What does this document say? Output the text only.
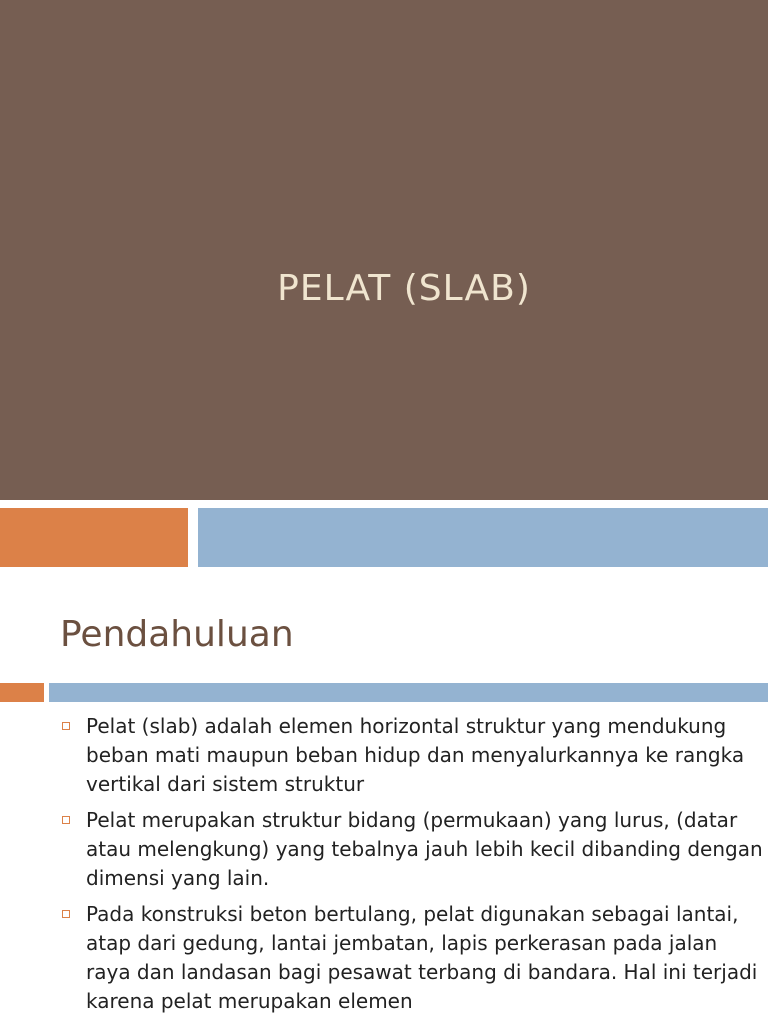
PELAT (SLAB)
Pendahuluan
Pelat (slab) adalah elemen horizontal struktur yang mendukung beban mati maupun beban hidup dan menyalurkannya ke rangka vertikal dari sistem struktur
Pelat merupakan struktur bidang (permukaan) yang lurus, (datar atau melengkung) yang tebalnya jauh lebih kecil dibanding dengan dimensi yang lain.
Pada konstruksi beton bertulang, pelat digunakan sebagai lantai, atap dari gedung, lantai jembatan, lapis perkerasan pada jalan raya dan landasan bagi pesawat terbang di bandara. Hal ini terjadi karena pelat merupakan elemen
